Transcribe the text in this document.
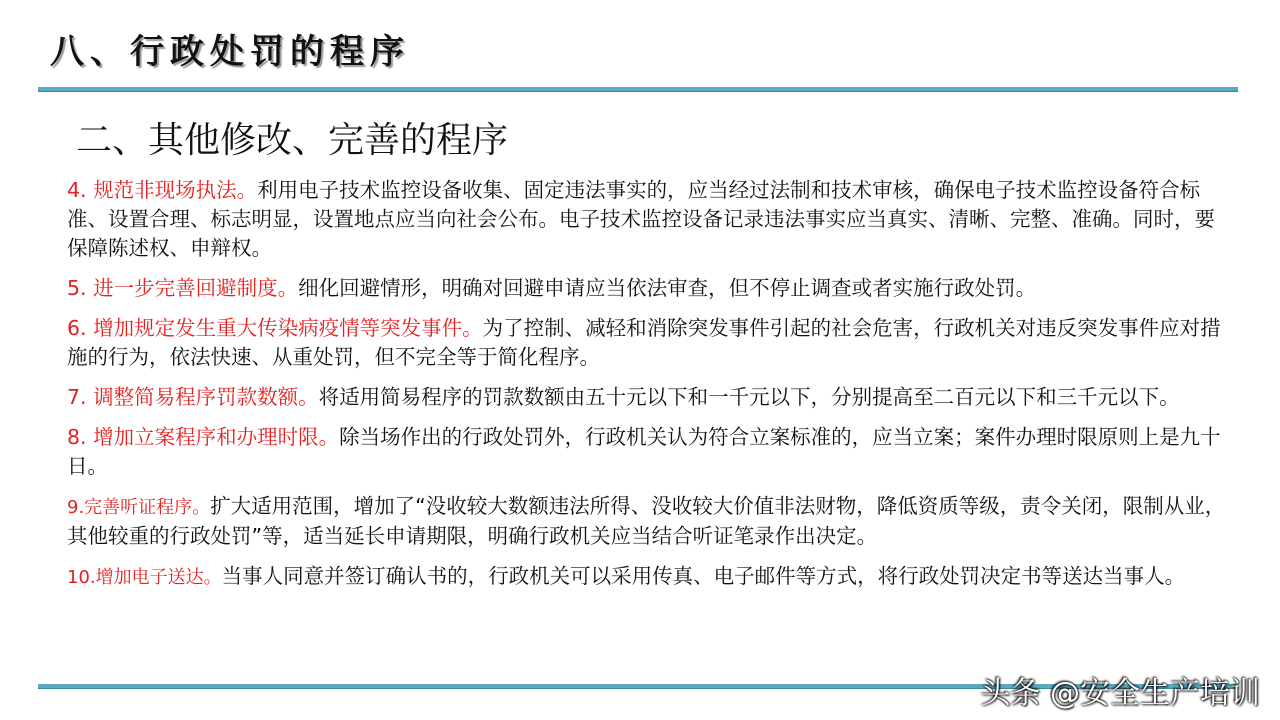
八、行政处罚的程序
二、其他修改、完善的程序
4. 规范非现场执法。利用电子技术监控设备收集、固定违法事实的，应当经过法制和技术审核，确保电子技术监控设备符合标准、设置合理、标志明显，设置地点应当向社会公布。电子技术监控设备记录违法事实应当真实、清晰、完整、准确。同时，要保障陈述权、申辩权。
5. 进一步完善回避制度。细化回避情形，明确对回避申请应当依法审查，但不停止调查或者实施行政处罚。
6. 增加规定发生重大传染病疫情等突发事件。为了控制、减轻和消除突发事件引起的社会危害，行政机关对违反突发事件应对措施的行为，依法快速、从重处罚，但不完全等于简化程序。
7. 调整简易程序罚款数额。将适用简易程序的罚款数额由五十元以下和一千元以下，分别提高至二百元以下和三千元以下。
8. 增加立案程序和办理时限。除当场作出的行政处罚外，行政机关认为符合立案标准的，应当立案；案件办理时限原则上是九十日。
9.完善听证程序。扩大适用范围，增加了“没收较大数额违法所得、没收较大价值非法财物，降低资质等级，责令关闭，限制从业，其他较重的行政处罚”等，适当延长申请期限，明确行政机关应当结合听证笔录作出决定。
10.增加电子送达。当事人同意并签订确认书的，行政机关可以采用传真、电子邮件等方式，将行政处罚决定书等送达当事人。
头条 @安全生产培训
